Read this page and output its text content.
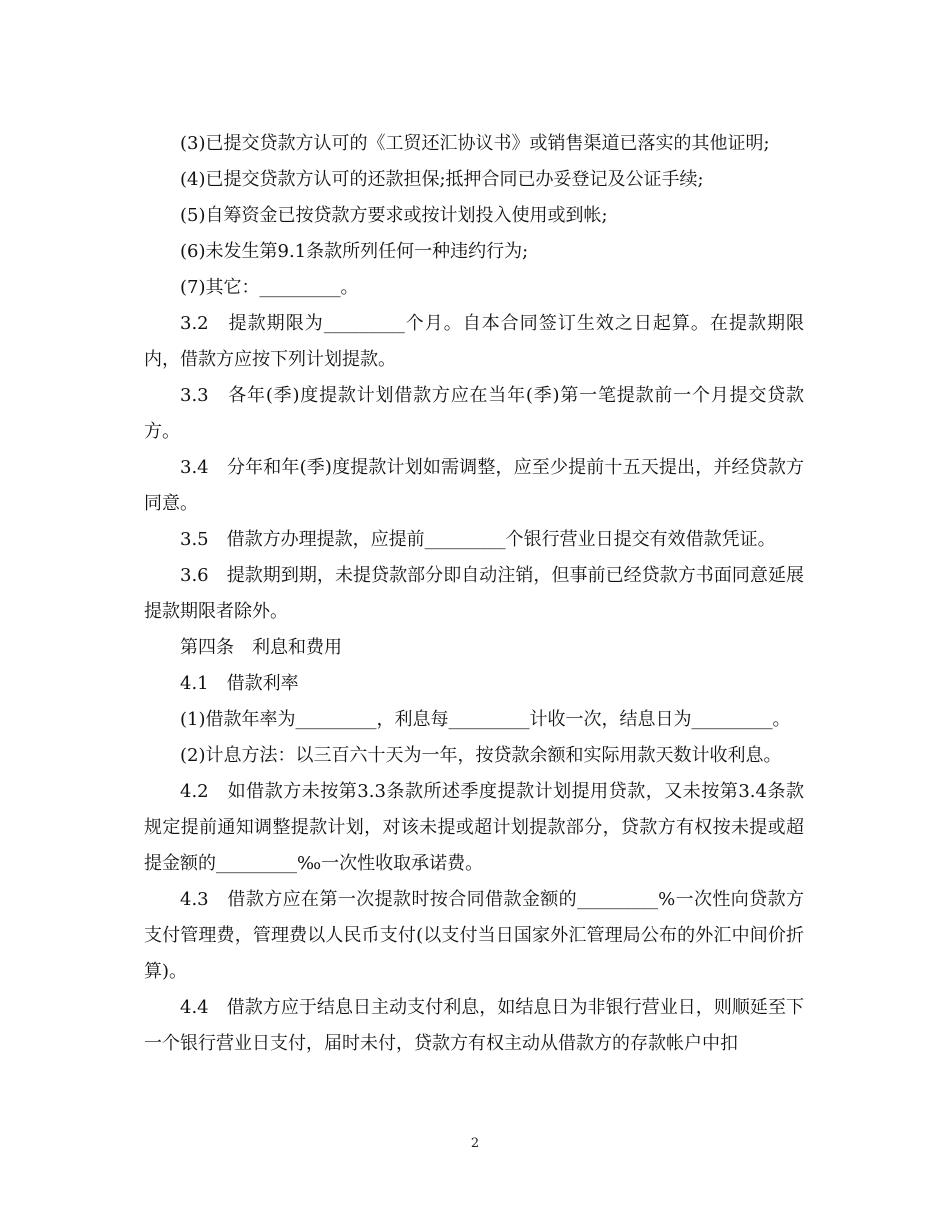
(3)已提交贷款方认可的《工贸还汇协议书》或销售渠道已落实的其他证明;

(4)已提交贷款方认可的还款担保;抵押合同已办妥登记及公证手续;

(5)自筹资金已按贷款方要求或按计划投入使用或到帐;

(6)未发生第9.1条款所列任何一种违约行为;

(7)其它：_________。

3.2　提款期限为_________个月。自本合同签订生效之日起算。在提款期限内，借款方应按下列计划提款。

3.3　各年(季)度提款计划借款方应在当年(季)第一笔提款前一个月提交贷款方。

3.4　分年和年(季)度提款计划如需调整，应至少提前十五天提出，并经贷款方同意。

3.5　借款方办理提款，应提前_________个银行营业日提交有效借款凭证。

3.6　提款期到期，未提贷款部分即自动注销，但事前已经贷款方书面同意延展提款期限者除外。

第四条　利息和费用

4.1　借款利率

(1)借款年率为_________，利息每_________计收一次，结息日为_________。

(2)计息方法：以三百六十天为一年，按贷款余额和实际用款天数计收利息。

4.2　如借款方未按第3.3条款所述季度提款计划提用贷款，又未按第3.4条款规定提前通知调整提款计划，对该未提或超计划提款部分，贷款方有权按未提或超提金额的_________‰一次性收取承诺费。

4.3　借款方应在第一次提款时按合同借款金额的_________%一次性向贷款方支付管理费，管理费以人民币支付(以支付当日国家外汇管理局公布的外汇中间价折算)。

4.4　借款方应于结息日主动支付利息，如结息日为非银行营业日，则顺延至下一个银行营业日支付，届时未付，贷款方有权主动从借款方的存款帐户中扣

2
